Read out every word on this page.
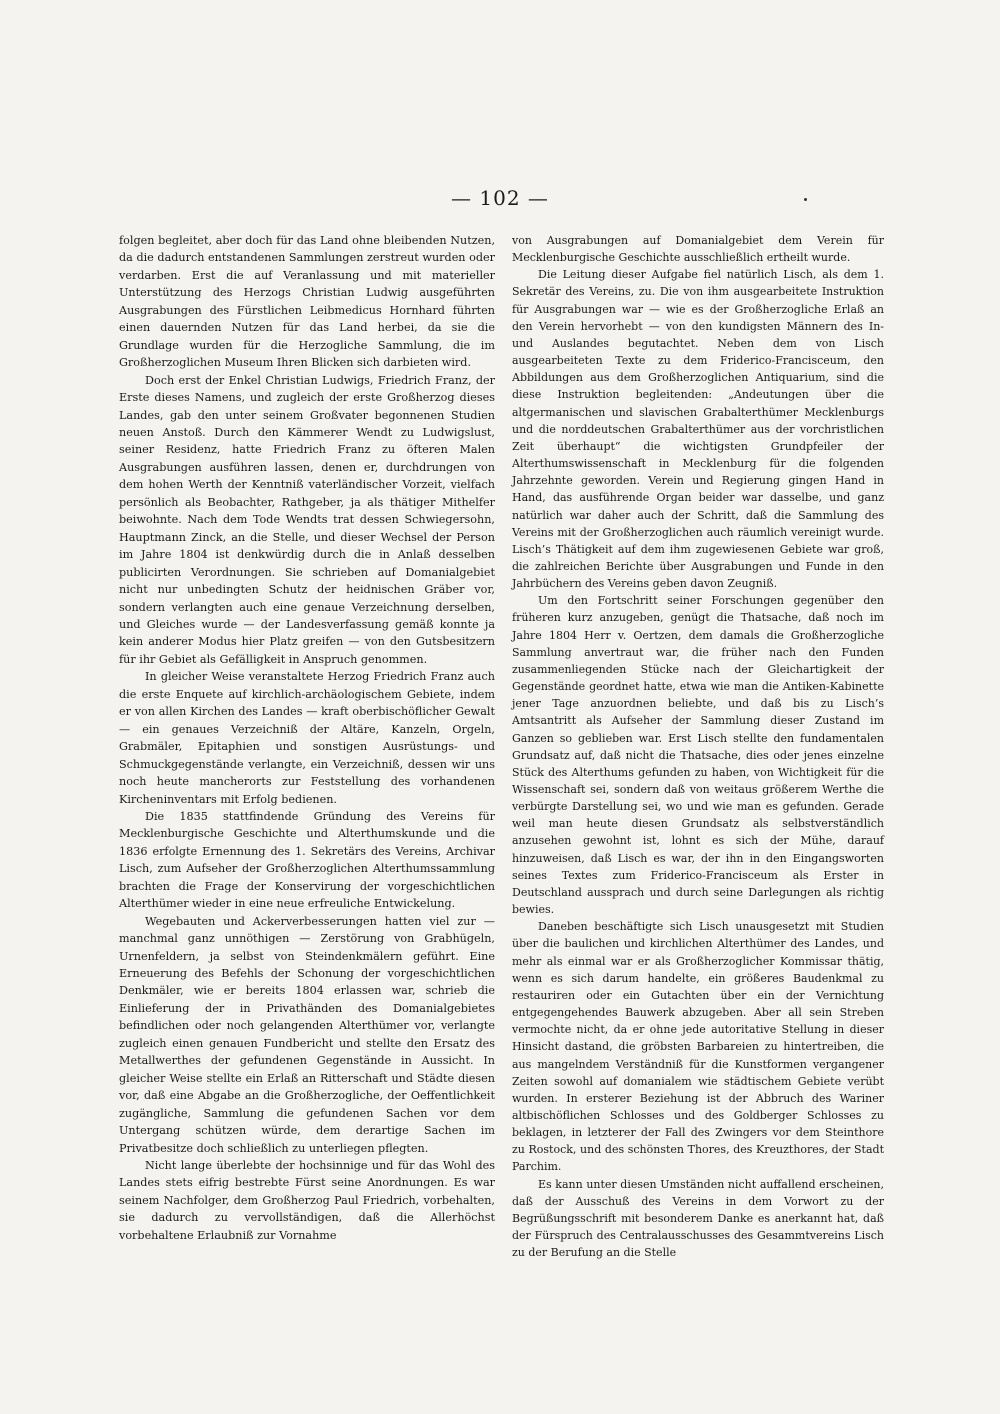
— 102 —

folgen begleitet, aber doch für das Land ohne bleibenden Nutzen, da die dadurch entstandenen Sammlungen zerstreut wurden oder verdarben. Erst die auf Veranlassung und mit materieller Unterstützung des Herzogs Christian Ludwig ausgeführten Ausgrabungen des Fürstlichen Leibmedicus Hornhard führten einen dauernden Nutzen für das Land herbei, da sie die Grundlage wurden für die Herzogliche Sammlung, die im Großherzoglichen Museum Ihren Blicken sich darbieten wird.

Doch erst der Enkel Christian Ludwigs, Friedrich Franz, der Erste dieses Namens, und zugleich der erste Großherzog dieses Landes, gab den unter seinem Großvater begonnenen Studien neuen Anstoß. Durch den Kämmerer Wendt zu Ludwigslust, seiner Residenz, hatte Friedrich Franz zu öfteren Malen Ausgrabungen ausführen lassen, denen er, durchdrungen von dem hohen Werth der Kenntniß vaterländischer Vorzeit, vielfach persönlich als Beobachter, Rathgeber, ja als thätiger Mithelfer beiwohnte. Nach dem Tode Wendts trat dessen Schwiegersohn, Hauptmann Zinck, an die Stelle, und dieser Wechsel der Person im Jahre 1804 ist denkwürdig durch die in Anlaß desselben publicirten Verordnungen. Sie schrieben auf Domanialgebiet nicht nur unbedingten Schutz der heidnischen Gräber vor, sondern verlangten auch eine genaue Verzeichnung derselben, und Gleiches wurde — der Landesverfassung gemäß konnte ja kein anderer Modus hier Platz greifen — von den Gutsbesitzern für ihr Gebiet als Gefälligkeit in Anspruch genommen.

In gleicher Weise veranstaltete Herzog Friedrich Franz auch die erste Enquete auf kirchlich-archäologischem Gebiete, indem er von allen Kirchen des Landes — kraft oberbischöflicher Gewalt — ein genaues Verzeichniß der Altäre, Kanzeln, Orgeln, Grabmäler, Epitaphien und sonstigen Ausrüstungs- und Schmuckgegenstände verlangte, ein Verzeichniß, dessen wir uns noch heute mancherorts zur Feststellung des vorhandenen Kircheninventars mit Erfolg bedienen.

Die 1835 stattfindende Gründung des Vereins für Mecklenburgische Geschichte und Alterthumskunde und die 1836 erfolgte Ernennung des 1. Sekretärs des Vereins, Archivar Lisch, zum Aufseher der Großherzoglichen Alterthumssammlung brachten die Frage der Konservirung der vorgeschichtlichen Alterthümer wieder in eine neue erfreuliche Entwickelung.

Wegebauten und Ackerverbesserungen hatten viel zur — manchmal ganz unnöthigen — Zerstörung von Grabhügeln, Urnenfeldern, ja selbst von Steindenkmälern geführt. Eine Erneuerung des Befehls der Schonung der vorgeschichtlichen Denkmäler, wie er bereits 1804 erlassen war, schrieb die Einlieferung der in Privathänden des Domanialgebietes befindlichen oder noch gelangenden Alterthümer vor, verlangte zugleich einen genauen Fundbericht und stellte den Ersatz des Metallwerthes der gefundenen Gegenstände in Aussicht. In gleicher Weise stellte ein Erlaß an Ritterschaft und Städte diesen vor, daß eine Abgabe an die Großherzogliche, der Oeffentlichkeit zugängliche, Sammlung die gefundenen Sachen vor dem Untergang schützen würde, dem derartige Sachen im Privatbesitze doch schließlich zu unterliegen pflegten.

Nicht lange überlebte der hochsinnige und für das Wohl des Landes stets eifrig bestrebte Fürst seine Anordnungen. Es war seinem Nachfolger, dem Großherzog Paul Friedrich, vorbehalten, sie dadurch zu vervollständigen, daß die Allerhöchst vorbehaltene Erlaubniß zur Vornahme

von Ausgrabungen auf Domanialgebiet dem Verein für Mecklenburgische Geschichte ausschließlich ertheilt wurde.

Die Leitung dieser Aufgabe fiel natürlich Lisch, als dem 1. Sekretär des Vereins, zu. Die von ihm ausgearbeitete Instruktion für Ausgrabungen war — wie es der Großherzogliche Erlaß an den Verein hervorhebt — von den kundigsten Männern des In- und Auslandes begutachtet. Neben dem von Lisch ausgearbeiteten Texte zu dem Friderico-Franciscеum, den Abbildungen aus dem Großherzoglichen Antiquarium, sind die diese Instruktion begleitenden: „Andeutungen über die altgermanischen und slavischen Grabalterthümer Mecklenburgs und die norddeutschen Grabalterthümer aus der vorchristlichen Zeit überhaupt“ die wichtigsten Grundpfeiler der Alterthumswissenschaft in Mecklenburg für die folgenden Jahrzehnte geworden. Verein und Regierung gingen Hand in Hand, das ausführende Organ beider war dasselbe, und ganz natürlich war daher auch der Schritt, daß die Sammlung des Vereins mit der Großherzoglichen auch räumlich vereinigt wurde. Lisch’s Thätigkeit auf dem ihm zugewiesenen Gebiete war groß, die zahlreichen Berichte über Ausgrabungen und Funde in den Jahrbüchern des Vereins geben davon Zeugniß.

Um den Fortschritt seiner Forschungen gegenüber den früheren kurz anzugeben, genügt die Thatsache, daß noch im Jahre 1804 Herr v. Oertzen, dem damals die Großherzogliche Sammlung anvertraut war, die früher nach den Funden zusammenliegenden Stücke nach der Gleichartigkeit der Gegenstände geordnet hatte, etwa wie man die Antiken-Kabinette jener Tage anzuordnen beliebte, und daß bis zu Lisch’s Amtsantritt als Aufseher der Sammlung dieser Zustand im Ganzen so geblieben war. Erst Lisch stellte den fundamentalen Grundsatz auf, daß nicht die Thatsache, dies oder jenes einzelne Stück des Alterthums gefunden zu haben, von Wichtigkeit für die Wissenschaft sei, sondern daß von weitaus größerem Werthe die verbürgte Darstellung sei, wo und wie man es gefunden. Gerade weil man heute diesen Grundsatz als selbstverständlich anzusehen gewohnt ist, lohnt es sich der Mühe, darauf hinzuweisen, daß Lisch es war, der ihn in den Eingangsworten seines Textes zum Friderico-Francisceum als Erster in Deutschland aussprach und durch seine Darlegungen als richtig bewies.

Daneben beschäftigte sich Lisch unausgesetzt mit Studien über die baulichen und kirchlichen Alterthümer des Landes, und mehr als einmal war er als Großherzoglicher Kommissar thätig, wenn es sich darum handelte, ein größeres Baudenkmal zu restauriren oder ein Gutachten über ein der Vernichtung entgegengehendes Bauwerk abzugeben. Aber all sein Streben vermochte nicht, da er ohne jede autoritative Stellung in dieser Hinsicht dastand, die gröbsten Barbareien zu hintertreiben, die aus mangelndem Verständniß für die Kunstformen vergangener Zeiten sowohl auf domanialem wie städtischem Gebiete verübt wurden. In ersterer Beziehung ist der Abbruch des Wariner altbischöflichen Schlosses und des Goldberger Schlosses zu beklagen, in letzterer der Fall des Zwingers vor dem Steinthore zu Rostock, und des schönsten Thores, des Kreuzthores, der Stadt Parchim.

Es kann unter diesen Umständen nicht auffallend erscheinen, daß der Ausschuß des Vereins in dem Vorwort zu der Begrüßungsschrift mit besonderem Danke es anerkannt hat, daß der Fürspruch des Centralausschusses des Gesammtvereins Lisch zu der Berufung an die Stelle
